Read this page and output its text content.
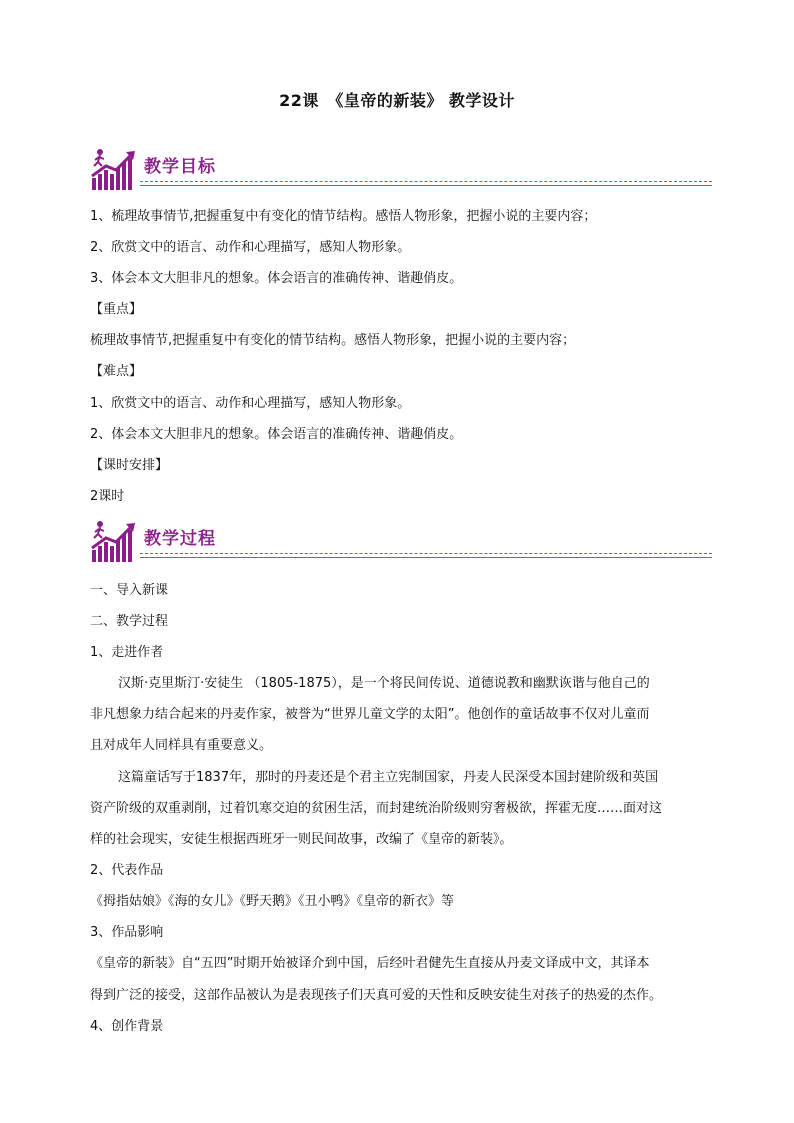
22课　《皇帝的新装》 教学设计
教学目标
1、梳理故事情节,把握重复中有变化的情节结构。感悟人物形象，把握小说的主要内容；
2、欣赏文中的语言、动作和心理描写，感知人物形象。
3、体会本文大胆非凡的想象。体会语言的准确传神、谐趣俏皮。
【重点】
梳理故事情节,把握重复中有变化的情节结构。感悟人物形象，把握小说的主要内容；
【难点】
1、欣赏文中的语言、动作和心理描写，感知人物形象。
2、体会本文大胆非凡的想象。体会语言的准确传神、谐趣俏皮。
【课时安排】
2课时
教学过程
一、导入新课
二、教学过程
1、走进作者
汉斯·克里斯汀·安徒生 （1805-1875），是一个将民间传说、道德说教和幽默诙谐与他自己的
非凡想象力结合起来的丹麦作家，被誉为“世界儿童文学的太阳”。他创作的童话故事不仅对儿童而
且对成年人同样具有重要意义。
这篇童话写于1837年，那时的丹麦还是个君主立宪制国家，丹麦人民深受本国封建阶级和英国
资产阶级的双重剥削，过着饥寒交迫的贫困生活，而封建统治阶级则穷奢极欲，挥霍无度……面对这
样的社会现实，安徒生根据西班牙一则民间故事，改编了《皇帝的新装》。
2、代表作品
《拇指姑娘》《海的女儿》《野天鹅》《丑小鸭》《皇帝的新衣》等
3、作品影响
《皇帝的新装》自“五四”时期开始被译介到中国，后经叶君健先生直接从丹麦文译成中文，其译本
得到广泛的接受，这部作品被认为是表现孩子们天真可爱的天性和反映安徒生对孩子的热爱的杰作。
4、创作背景
